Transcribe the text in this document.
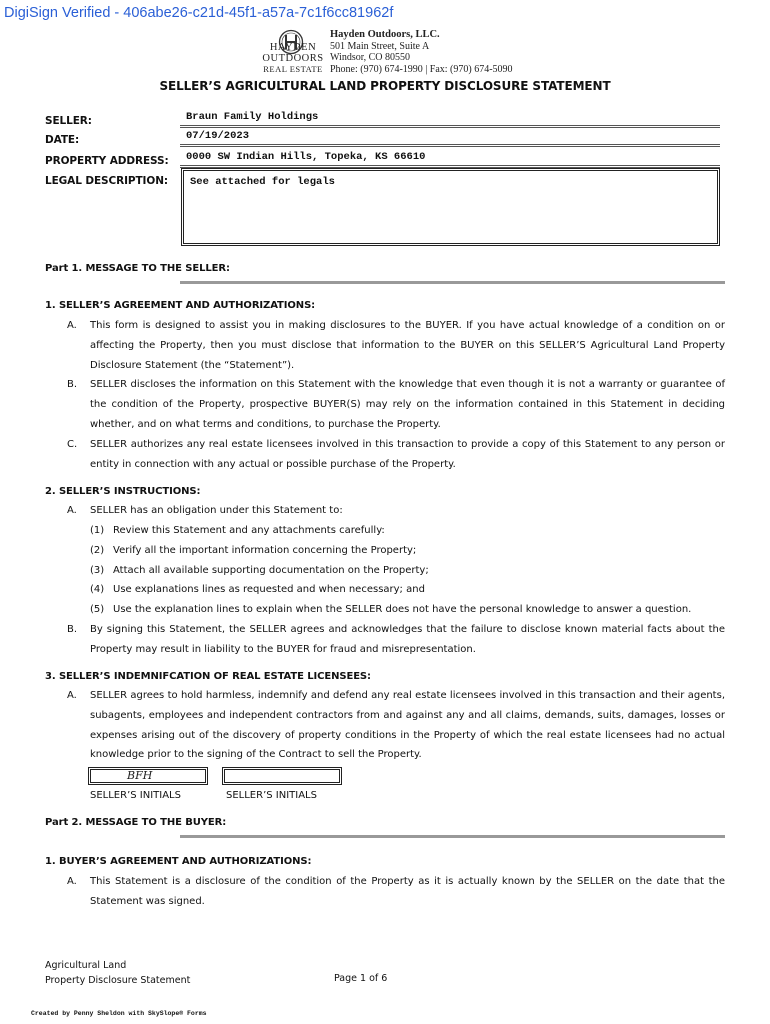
DigiSign Verified - 406abe26-c21d-45f1-a57a-7c1f6cc81962f
HAYDEN
OUTDOORS
REAL ESTATE
Hayden Outdoors, LLC.
501 Main Street, Suite A
Windsor, CO 80550
Phone: (970) 674-1990 | Fax: (970) 674-5090
SELLER’S AGRICULTURAL LAND PROPERTY DISCLOSURE STATEMENT
SELLER:	Braun Family Holdings
DATE:	07/19/2023
PROPERTY ADDRESS: 0000 SW Indian Hills, Topeka, KS 66610
LEGAL DESCRIPTION: See attached for legals
Part 1. MESSAGE TO THE SELLER:
1. SELLER’S AGREEMENT AND AUTHORIZATIONS:
A. This form is designed to assist you in making disclosures to the BUYER. If you have actual knowledge of a condition on or affecting the Property, then you must disclose that information to the BUYER on this SELLER’S Agricultural Land Property Disclosure Statement (the “Statement”).
B. SELLER discloses the information on this Statement with the knowledge that even though it is not a warranty or guarantee of the condition of the Property, prospective BUYER(S) may rely on the information contained in this Statement in deciding whether, and on what terms and conditions, to purchase the Property.
C. SELLER authorizes any real estate licensees involved in this transaction to provide a copy of this Statement to any person or entity in connection with any actual or possible purchase of the Property.
2. SELLER’S INSTRUCTIONS:
A. SELLER has an obligation under this Statement to:
(1) Review this Statement and any attachments carefully:
(2) Verify all the important information concerning the Property;
(3) Attach all available supporting documentation on the Property;
(4) Use explanations lines as requested and when necessary; and
(5) Use the explanation lines to explain when the SELLER does not have the personal knowledge to answer a question.
B. By signing this Statement, the SELLER agrees and acknowledges that the failure to disclose known material facts about the Property may result in liability to the BUYER for fraud and misrepresentation.
3. SELLER’S INDEMNIFCATION OF REAL ESTATE LICENSEES:
A. SELLER agrees to hold harmless, indemnify and defend any real estate licensees involved in this transaction and their agents, subagents, employees and independent contractors from and against any and all claims, demands, suits, damages, losses or expenses arising out of the discovery of property conditions in the Property of which the real estate licensees had no actual knowledge prior to the signing of the Contract to sell the Property.
BFH
SELLER’S INITIALS	SELLER’S INITIALS
Part 2. MESSAGE TO THE BUYER:
1. BUYER’S AGREEMENT AND AUTHORIZATIONS:
A. This Statement is a disclosure of the condition of the Property as it is actually known by the SELLER on the date that the Statement was signed.
Agricultural Land
Property Disclosure Statement	Page 1 of 6
Created by Penny Sheldon with SkySlope® Forms
